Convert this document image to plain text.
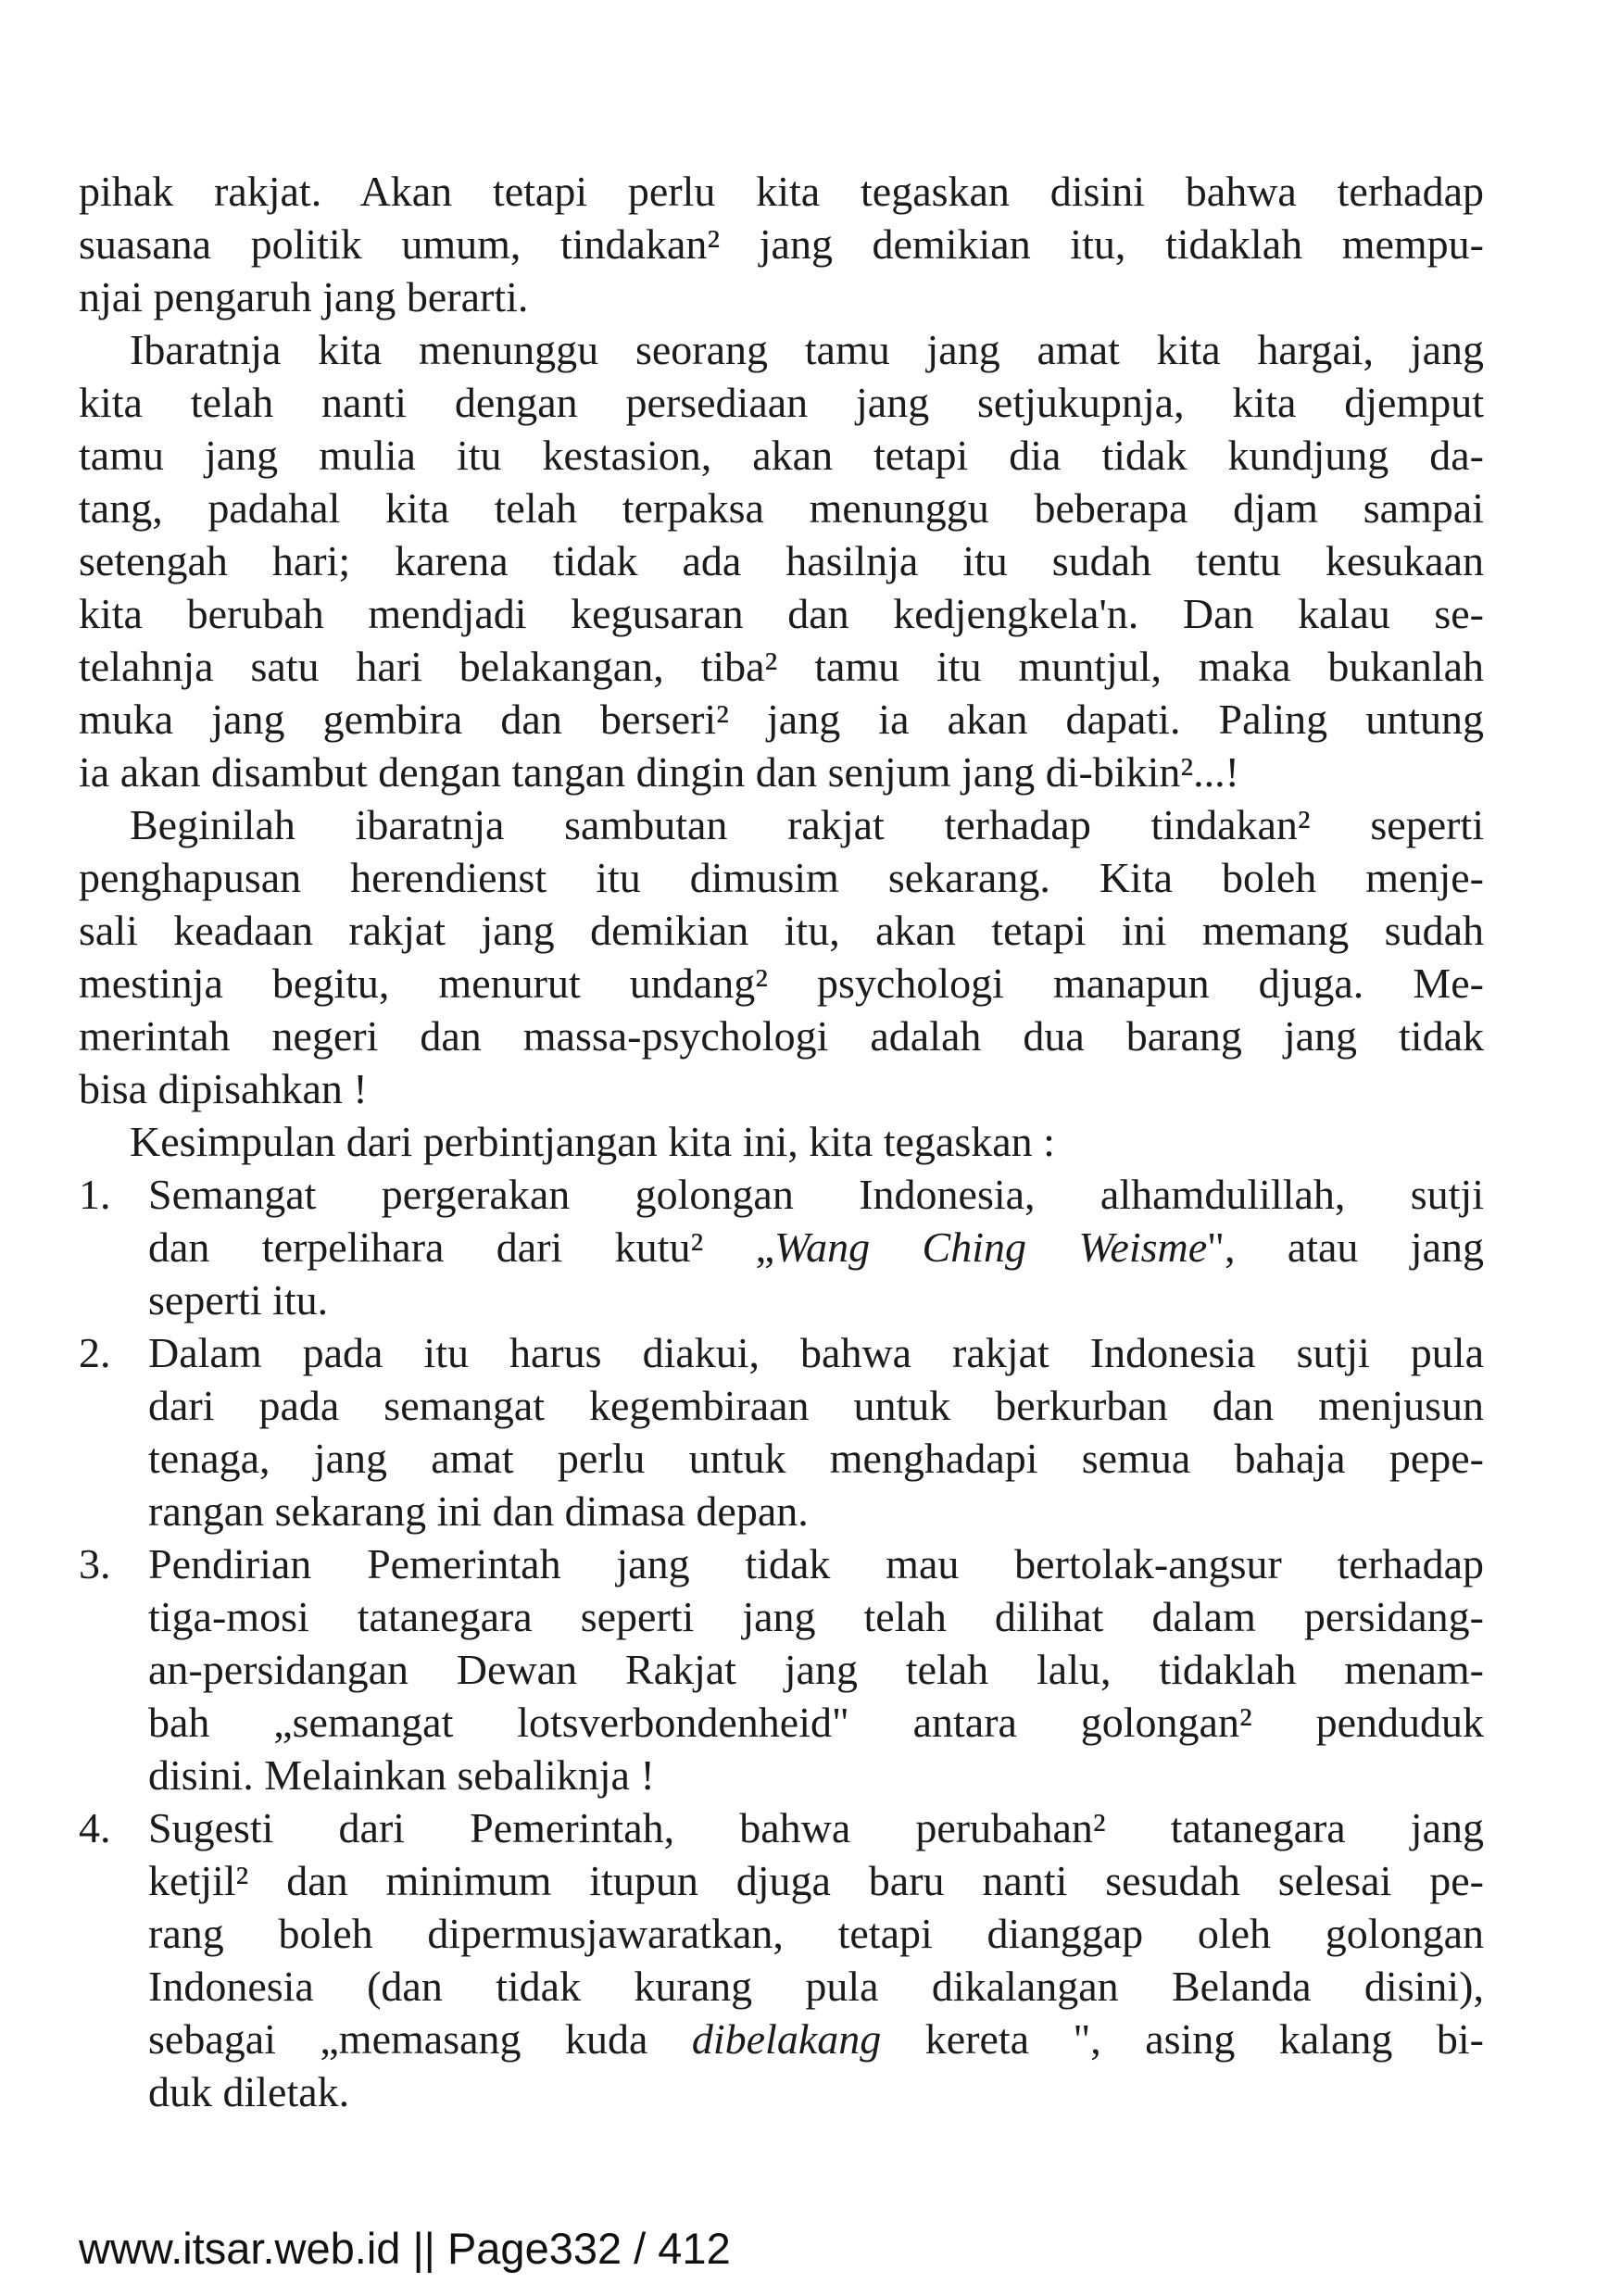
pihak rakjat. Akan tetapi perlu kita tegaskan disini bahwa terhadap
suasana politik umum, tindakan² jang demikian itu, tidaklah mempu-
njai pengaruh jang berarti.
Ibaratnja kita menunggu seorang tamu jang amat kita hargai, jang
kita telah nanti dengan persediaan jang setjukupnja, kita djemput
tamu jang mulia itu kestasion, akan tetapi dia tidak kundjung da-
tang, padahal kita telah terpaksa menunggu beberapa djam sampai
setengah hari; karena tidak ada hasilnja itu sudah tentu kesukaan
kita berubah mendjadi kegusaran dan kedjengkela'n. Dan kalau se-
telahnja satu hari belakangan, tiba² tamu itu muntjul, maka bukanlah
muka jang gembira dan berseri² jang ia akan dapati. Paling untung
ia akan disambut dengan tangan dingin dan senjum jang di-bikin²...!
Beginilah ibaratnja sambutan rakjat terhadap tindakan² seperti
penghapusan herendienst itu dimusim sekarang. Kita boleh menje-
sali keadaan rakjat jang demikian itu, akan tetapi ini memang sudah
mestinja begitu, menurut undang² psychologi manapun djuga. Me-
merintah negeri dan massa-psychologi adalah dua barang jang tidak
bisa dipisahkan !
Kesimpulan dari perbintjangan kita ini, kita tegaskan :
1. Semangat pergerakan golongan Indonesia, alhamdulillah, sutji
dan terpelihara dari kutu² „Wang Ching Weisme", atau jang
seperti itu.
2. Dalam pada itu harus diakui, bahwa rakjat Indonesia sutji pula
dari pada semangat kegembiraan untuk berkurban dan menjusun
tenaga, jang amat perlu untuk menghadapi semua bahaja pepe-
rangan sekarang ini dan dimasa depan.
3. Pendirian Pemerintah jang tidak mau bertolak-angsur terhadap
tiga-mosi tatanegara seperti jang telah dilihat dalam persidang-
an-persidangan Dewan Rakjat jang telah lalu, tidaklah menam-
bah „semangat lotsverbondenheid" antara golongan² penduduk
disini. Melainkan sebaliknja !
4. Sugesti dari Pemerintah, bahwa perubahan² tatanegara jang
ketjil² dan minimum itupun djuga baru nanti sesudah selesai pe-
rang boleh dipermusjawaratkan, tetapi dianggap oleh golongan
Indonesia (dan tidak kurang pula dikalangan Belanda disini),
sebagai „memasang kuda dibelakang kereta ", asing kalang bi-
duk diletak.
www.itsar.web.id || Page332 / 412
